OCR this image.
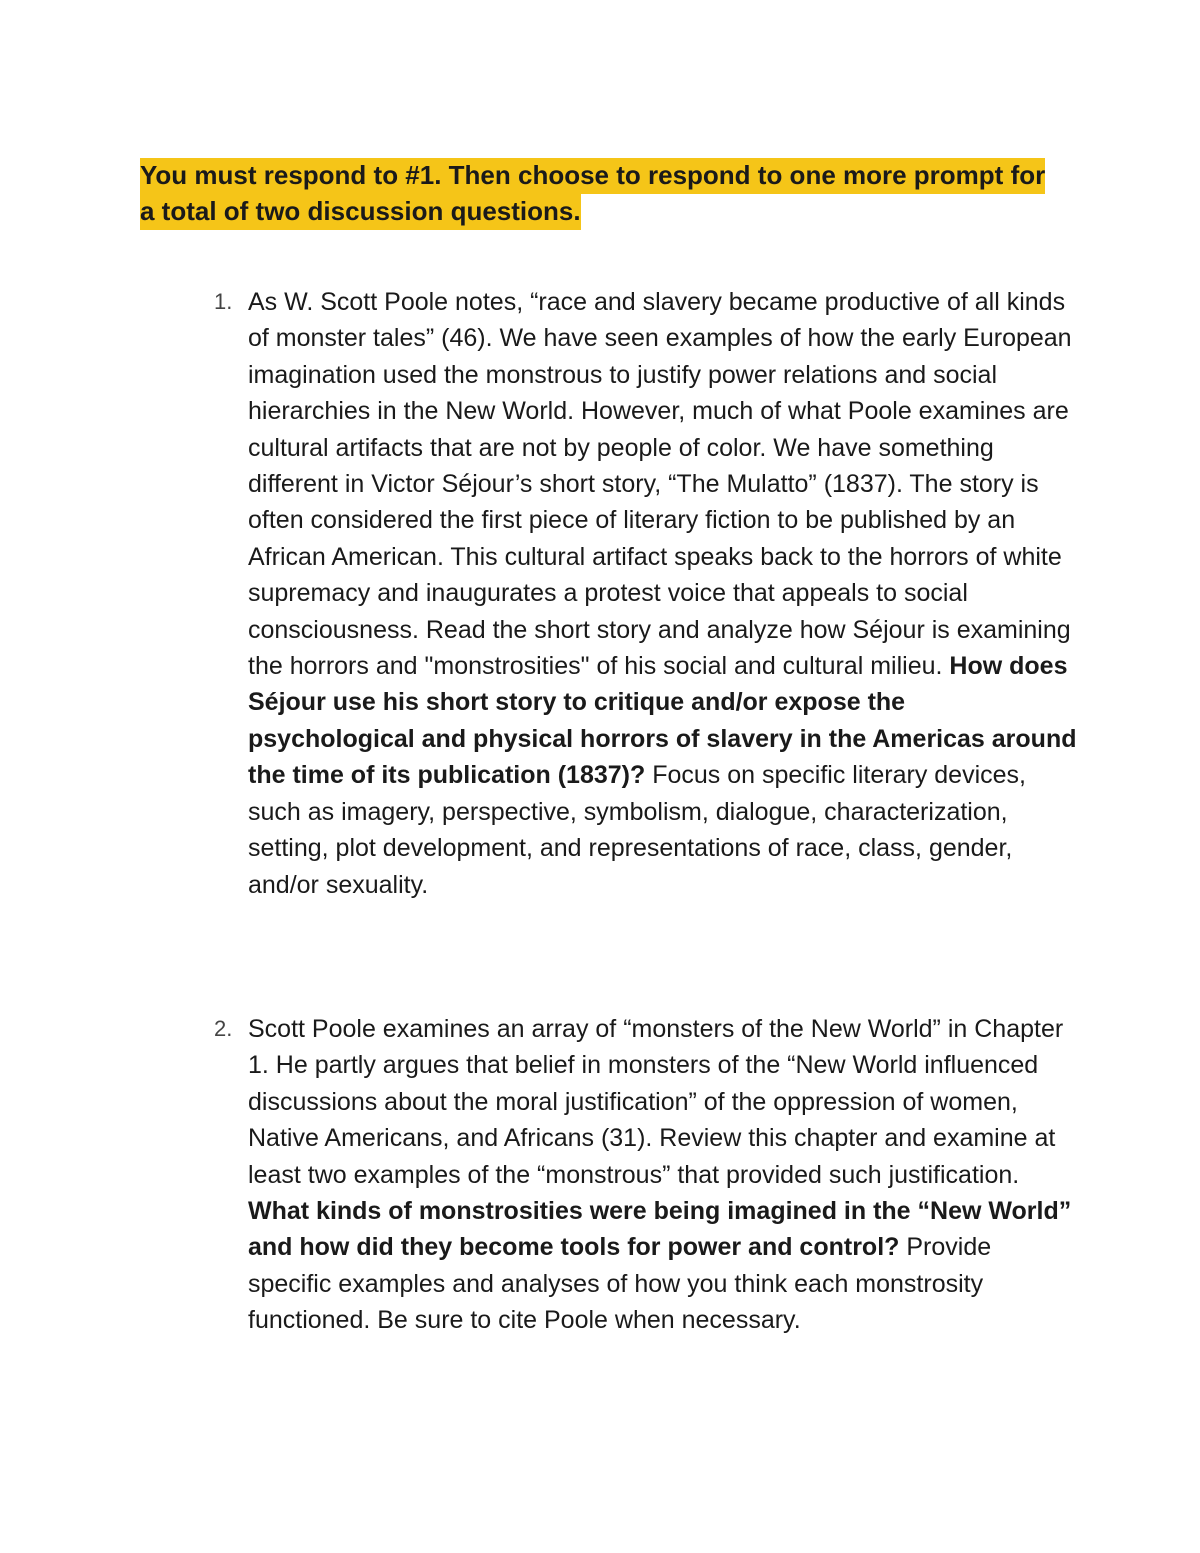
You must respond to #1. Then choose to respond to one more prompt for a total of two discussion questions.

1. As W. Scott Poole notes, “race and slavery became productive of all kinds of monster tales” (46). We have seen examples of how the early European imagination used the monstrous to justify power relations and social hierarchies in the New World. However, much of what Poole examines are cultural artifacts that are not by people of color. We have something different in Victor Séjour’s short story, “The Mulatto” (1837). The story is often considered the first piece of literary fiction to be published by an African American. This cultural artifact speaks back to the horrors of white supremacy and inaugurates a protest voice that appeals to social consciousness. Read the short story and analyze how Séjour is examining the horrors and "monstrosities" of his social and cultural milieu. How does Séjour use his short story to critique and/or expose the psychological and physical horrors of slavery in the Americas around the time of its publication (1837)? Focus on specific literary devices, such as imagery, perspective, symbolism, dialogue, characterization, setting, plot development, and representations of race, class, gender, and/or sexuality.
2. Scott Poole examines an array of “monsters of the New World” in Chapter 1. He partly argues that belief in monsters of the “New World influenced discussions about the moral justification” of the oppression of women, Native Americans, and Africans (31). Review this chapter and examine at least two examples of the “monstrous” that provided such justification. What kinds of monstrosities were being imagined in the “New World” and how did they become tools for power and control? Provide specific examples and analyses of how you think each monstrosity functioned. Be sure to cite Poole when necessary.
